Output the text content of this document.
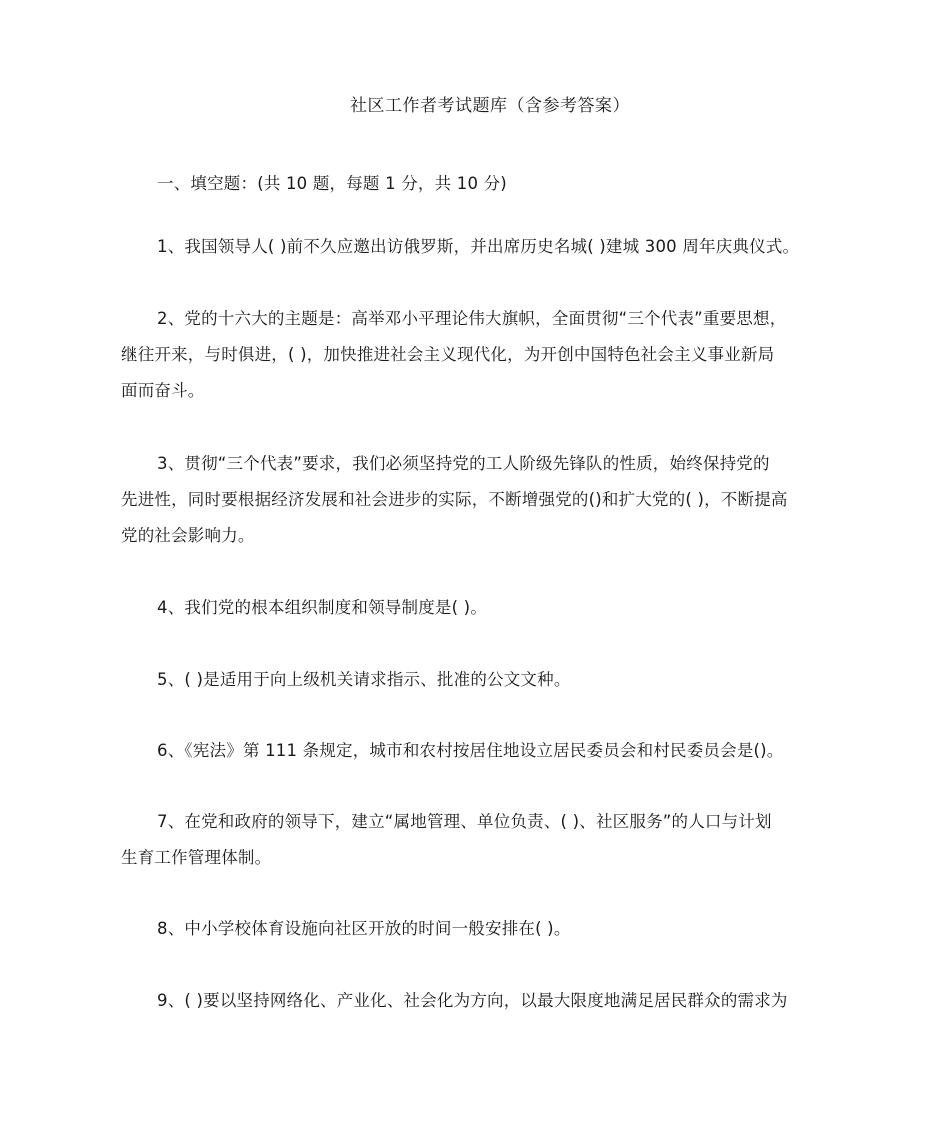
社区工作者考试题库（含参考答案）
一、填空题：(共 10 题，每题 1 分，共 10 分)
1、我国领导人( )前不久应邀出访俄罗斯，并出席历史名城( )建城 300 周年庆典仪式。
2、党的十六大的主题是：高举邓小平理论伟大旗帜，全面贯彻“三个代表”重要思想，
继往开来，与时俱进，( )，加快推进社会主义现代化，为开创中国特色社会主义事业新局
面而奋斗。
3、贯彻“三个代表”要求，我们必须坚持党的工人阶级先锋队的性质，始终保持党的
先进性，同时要根据经济发展和社会进步的实际，不断增强党的()和扩大党的( )，不断提高
党的社会影响力。
4、我们党的根本组织制度和领导制度是( )。
5、( )是适用于向上级机关请求指示、批准的公文文种。
6、《宪法》第 111 条规定，城市和农村按居住地设立居民委员会和村民委员会是()。
7、在党和政府的领导下，建立“属地管理、单位负责、( )、社区服务”的人口与计划
生育工作管理体制。
8、中小学校体育设施向社区开放的时间一般安排在( )。
9、( )要以坚持网络化、产业化、社会化为方向，以最大限度地满足居民群众的需求为
